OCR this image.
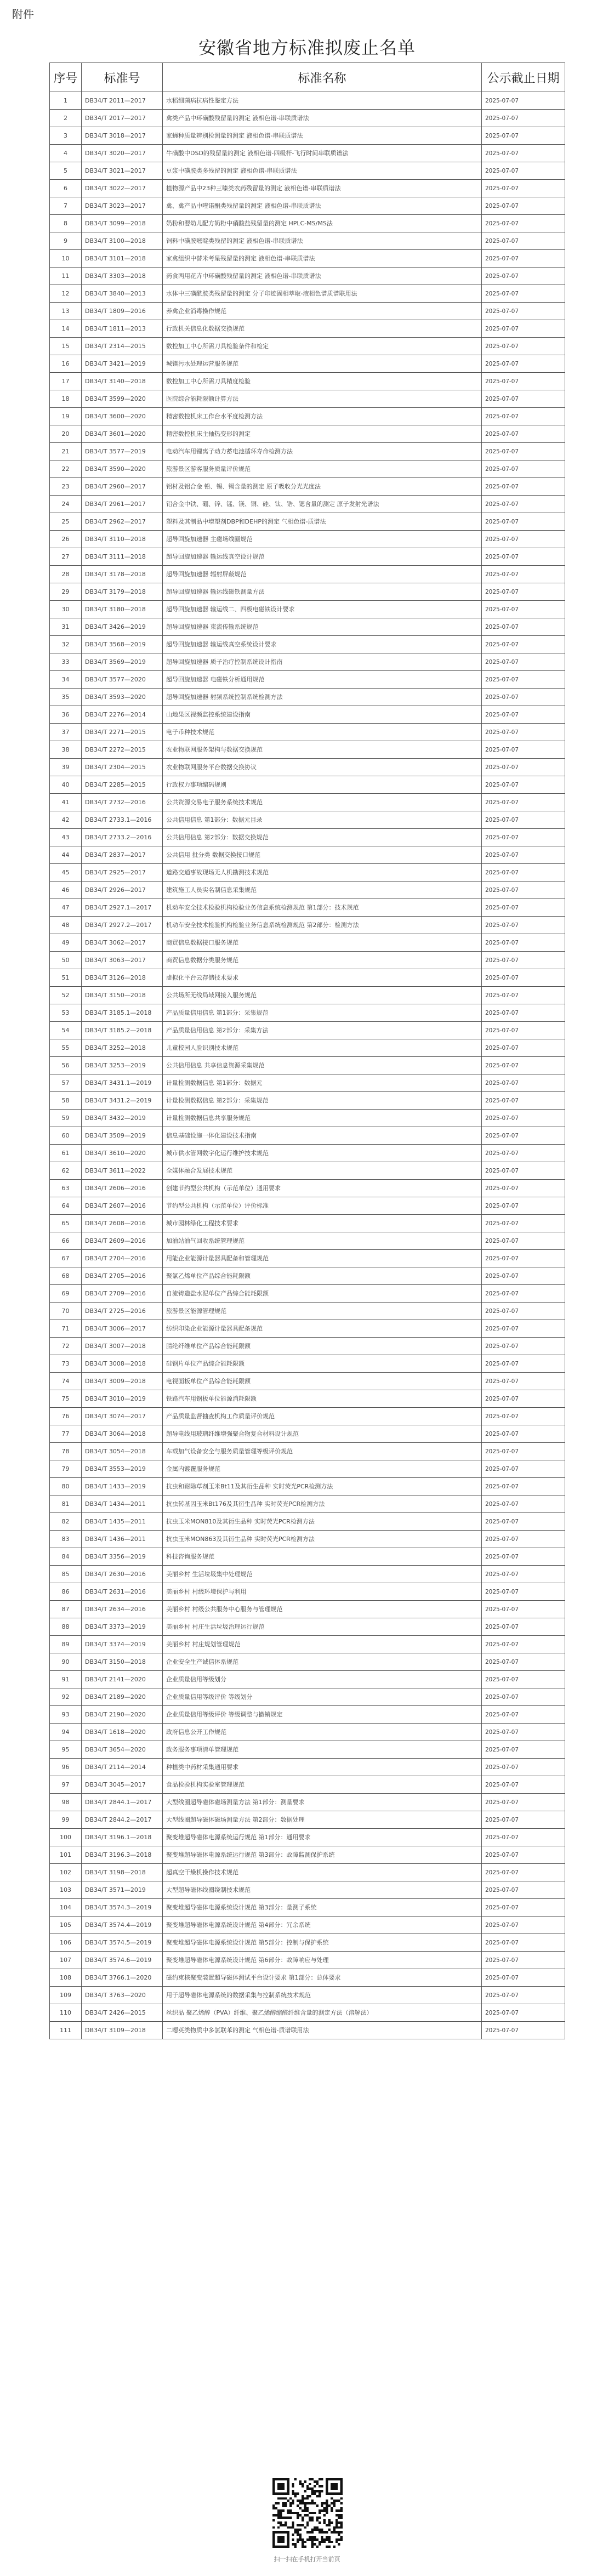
附件
安徽省地方标准拟废止名单
序号	标准号	标准名称	公示截止日期
1	DB34/T 2011—2017	水稻细菌病抗病性鉴定方法	2025-07-07
2	DB34/T 2017—2017	禽类产品中环磺酸残留量的测定 液相色谱-串联质谱法	2025-07-07
3	DB34/T 3018—2017	家蝇种质量辨别检测量的测定 液相色谱-串联质谱法	2025-07-07
4	DB34/T 3020—2017	牛磺酸中DSD的残留量的测定 液相色谱-四级杆-飞行时间串联质谱法	2025-07-07
5	DB34/T 3021—2017	豆浆中磺胺类多残留的测定 液相色谱-串联质谱法	2025-07-07
6	DB34/T 3022—2017	植物源产品中23种三嗪类农药残留量的测定 液相色谱-串联质谱法	2025-07-07
7	DB34/T 3023—2017	禽、禽产品中喹诺酮类残留量的测定 液相色谱-串联质谱法	2025-07-07
8	DB34/T 3099—2018	奶粉和婴幼儿配方奶粉中硝酸盐残留量的测定 HPLC-MS/MS法	2025-07-07
9	DB34/T 3100—2018	饲料中磺胺嘧啶类残留的测定 液相色谱-串联质谱法	2025-07-07
10	DB34/T 3101—2018	家禽组织中替米考星残留量的测定 液相色谱-串联质谱法	2025-07-07
11	DB34/T 3303—2018	药食两用花卉中环磺酸残留量的测定 液相色谱-串联质谱法	2025-07-07
12	DB34/T 3840—2013	水体中三磺酰胺类残留量的测定 分子印迹固相萃取-液相色谱质谱联用法	2025-07-07
13	DB34/T 1809—2016	养禽企业消毒操作规范	2025-07-07
14	DB34/T 1811—2013	行政机关信息化数据交换规范	2025-07-07
15	DB34/T 2314—2015	数控加工中心所需刀具检验条件和检定	2025-07-07
16	DB34/T 3421—2019	城镇污水处理运营服务规范	2025-07-07
17	DB34/T 3140—2018	数控加工中心所需刀具精度检验	2025-07-07
18	DB34/T 3599—2020	医院综合能耗限额计算方法	2025-07-07
19	DB34/T 3600—2020	精密数控机床工作台水平度检测方法	2025-07-07
20	DB34/T 3601—2020	精密数控机床主轴热变形的测定	2025-07-07
21	DB34/T 3577—2019	电动汽车用锂离子动力蓄电池循环寿命检测方法	2025-07-07
22	DB34/T 3590—2020	旅游景区游客服务质量评价规范	2025-07-07
23	DB34/T 2960—2017	铝材及铝合金 铅、锡、镉含量的测定 原子吸收分光光度法	2025-07-07
24	DB34/T 2961—2017	铝合金中铁、硼、锌、锰、镁、铜、硅、钛、锆、锶含量的测定 原子发射光谱法	2025-07-07
25	DB34/T 2962—2017	塑料及其制品中增塑剂DBP和DEHP的测定 气相色谱-质谱法	2025-07-07
26	DB34/T 3110—2018	超导回旋加速器 主磁场线圈规范	2025-07-07
27	DB34/T 3111—2018	超导回旋加速器 输运线真空设计规范	2025-07-07
28	DB34/T 3178—2018	超导回旋加速器 辐射屏蔽规范	2025-07-07
29	DB34/T 3179—2018	超导回旋加速器 输运线磁铁测量方法	2025-07-07
30	DB34/T 3180—2018	超导回旋加速器 输运线二、四极电磁铁设计要求	2025-07-07
31	DB34/T 3426—2019	超导回旋加速器 束流传输系统规范	2025-07-07
32	DB34/T 3568—2019	超导回旋加速器 输运线真空系统设计要求	2025-07-07
33	DB34/T 3569—2019	超导回旋加速器 质子治疗控制系统设计指南	2025-07-07
34	DB34/T 3577—2020	超导回旋加速器 电磁铁分析通用规范	2025-07-07
35	DB34/T 3593—2020	超导回旋加速器 射频系统控制系统检测方法	2025-07-07
36	DB34/T 2276—2014	山地果区视频监控系统建设指南	2025-07-07
37	DB34/T 2271—2015	电子币种技术规范	2025-07-07
38	DB34/T 2272—2015	农业物联网服务架构与数据交换规范	2025-07-07
39	DB34/T 2304—2015	农业物联网服务平台数据交换协议	2025-07-07
40	DB34/T 2285—2015	行政权力事项编码规则	2025-07-07
41	DB34/T 2732—2016	公共资源交易电子服务系统技术规范	2025-07-07
42	DB34/T 2733.1—2016	公共信用信息 第1部分：数据元目录	2025-07-07
43	DB34/T 2733.2—2016	公共信用信息 第2部分：数据交换规范	2025-07-07
44	DB34/T 2837—2017	公共信用 批分类 数据交换接口规范	2025-07-07
45	DB34/T 2925—2017	道路交通事故现场无人机勘测技术规范	2025-07-07
46	DB34/T 2926—2017	建筑施工人员实名制信息采集规范	2025-07-07
47	DB34/T 2927.1—2017	机动车安全技术检验机构检验业务信息系统检测规范 第1部分：技术规范	2025-07-07
48	DB34/T 2927.2—2017	机动车安全技术检验机构检验业务信息系统检测规范 第2部分：检测方法	2025-07-07
49	DB34/T 3062—2017	商贸信息数据接口服务规范	2025-07-07
50	DB34/T 3063—2017	商贸信息数据分类服务规范	2025-07-07
51	DB34/T 3126—2018	虚拟化平台云存储技术要求	2025-07-07
52	DB34/T 3150—2018	公共场所无线局域网接入服务规范	2025-07-07
53	DB34/T 3185.1—2018	产品质量信用信息 第1部分：采集规范	2025-07-07
54	DB34/T 3185.2—2018	产品质量信用信息 第2部分：采集方法	2025-07-07
55	DB34/T 3252—2018	儿童校园人脸识别技术规范	2025-07-07
56	DB34/T 3253—2019	公共信用信息 共享信息资源采集规范	2025-07-07
57	DB34/T 3431.1—2019	计量检测数据信息 第1部分：数据元	2025-07-07
58	DB34/T 3431.2—2019	计量检测数据信息 第2部分：采集规范	2025-07-07
59	DB34/T 3432—2019	计量检测数据信息共享服务规范	2025-07-07
60	DB34/T 3509—2019	信息基础设施一体化建设技术指南	2025-07-07
61	DB34/T 3610—2020	城市供水管网数字化运行维护技术规范	2025-07-07
62	DB34/T 3611—2022	全媒体融合发展技术规范	2025-07-07
63	DB34/T 2606—2016	创建节约型公共机构（示范单位）通用要求	2025-07-07
64	DB34/T 2607—2016	节约型公共机构（示范单位）评价标准	2025-07-07
65	DB34/T 2608—2016	城市园林绿化工程技术要求	2025-07-07
66	DB34/T 2609—2016	加油站油气回收系统管理规范	2025-07-07
67	DB34/T 2704—2016	用能企业能源计量器具配备和管理规范	2025-07-07
68	DB34/T 2705—2016	聚氯乙烯单位产品综合能耗限额	2025-07-07
69	DB34/T 2709—2016	自流铸造盐水泥单位产品综合能耗限额	2025-07-07
70	DB34/T 2725—2016	旅游景区能源管理规范	2025-07-07
71	DB34/T 3006—2017	纺织印染企业能源计量器具配备规范	2025-07-07
72	DB34/T 3007—2018	腈纶纤维单位产品综合能耗限额	2025-07-07
73	DB34/T 3008—2018	硅钢片单位产品综合能耗限额	2025-07-07
74	DB34/T 3009—2018	电视面板单位产品综合能耗限额	2025-07-07
75	DB34/T 3010—2019	铁路汽车用钢板单位能源消耗限额	2025-07-07
76	DB34/T 3074—2017	产品质量监督抽查机构工作质量评价规范	2025-07-07
77	DB34/T 3064—2018	超导电线用玻璃纤维增强聚合物复合材料设计规范	2025-07-07
78	DB34/T 3054—2018	车载加气设备安全与服务质量管理等级评价规范	2025-07-07
79	DB34/T 3553—2019	金属内镀覆服务规范	2025-07-07
80	DB34/T 1433—2019	抗虫和耐除草剂玉米Bt11及其衍生品种 实时荧光PCR检测方法	2025-07-07
81	DB34/T 1434—2011	抗虫转基因玉米Bt176及其衍生品种 实时荧光PCR检测方法	2025-07-07
82	DB34/T 1435—2011	抗虫玉米MON810及其衍生品种 实时荧光PCR检测方法	2025-07-07
83	DB34/T 1436—2011	抗虫玉米MON863及其衍生品种 实时荧光PCR检测方法	2025-07-07
84	DB34/T 3356—2019	科技咨询服务规范	2025-07-07
85	DB34/T 2630—2016	美丽乡村 生活垃圾集中处理规范	2025-07-07
86	DB34/T 2631—2016	美丽乡村 村级环境保护与利用	2025-07-07
87	DB34/T 2634—2016	美丽乡村 村级公共服务中心服务与管理规范	2025-07-07
88	DB34/T 3373—2019	美丽乡村 村庄生活垃圾治理运行规范	2025-07-07
89	DB34/T 3374—2019	美丽乡村 村庄规划管理规范	2025-07-07
90	DB34/T 3150—2018	企业安全生产诚信体系规范	2025-07-07
91	DB34/T 2141—2020	企业质量信用等级划分	2025-07-07
92	DB34/T 2189—2020	企业质量信用等级评价 等级划分	2025-07-07
93	DB34/T 2190—2020	企业质量信用等级评价 等级调整与撤销规定	2025-07-07
94	DB34/T 1618—2020	政府信息公开工作规范	2025-07-07
95	DB34/T 3654—2020	政务服务事项清单管理规范	2025-07-07
96	DB34/T 2114—2014	种植类中药材采集通用要求	2025-07-07
97	DB34/T 3045—2017	食品检验机构实验室管理规范	2025-07-07
98	DB34/T 2844.1—2017	大型线圈超导磁体磁场测量方法 第1部分：测量要求	2025-07-07
99	DB34/T 2844.2—2017	大型线圈超导磁体磁场测量方法 第2部分：数据处理	2025-07-07
100	DB34/T 3196.1—2018	聚变堆超导磁体电源系统运行规范 第1部分：通用要求	2025-07-07
101	DB34/T 3196.3—2018	聚变堆超导磁体电源系统运行规范 第3部分：故障监测保护系统	2025-07-07
102	DB34/T 3198—2018	超真空干燥机操作技术规范	2025-07-07
103	DB34/T 3571—2019	大型超导磁体线圈绕制技术规范	2025-07-07
104	DB34/T 3574.3—2019	聚变堆超导磁体电源系统设计规范 第3部分：量测子系统	2025-07-07
105	DB34/T 3574.4—2019	聚变堆超导磁体电源系统设计规范 第4部分：冗余系统	2025-07-07
106	DB34/T 3574.5—2019	聚变堆超导磁体电源系统设计规范 第5部分：控制与保护系统	2025-07-07
107	DB34/T 3574.6—2019	聚变堆超导磁体电源系统设计规范 第6部分：故障响应与处理	2025-07-07
108	DB34/T 3766.1—2020	磁约束核聚变装置超导磁体测试平台设计要求 第1部分：总体要求	2025-07-07
109	DB34/T 3763—2020	用于超导磁体电源系统的数据采集与控制系统技术规范	2025-07-07
110	DB34/T 2426—2015	丝织品 聚乙烯醇（PVA）纤维、聚乙烯醇缩醛纤维含量的测定方法（溶解法）	2025-07-07
111	DB34/T 3109—2018	二噁英类物质中多氯联苯的测定 气相色谱-质谱联用法	2025-07-07
扫一扫在手机打开当前页
